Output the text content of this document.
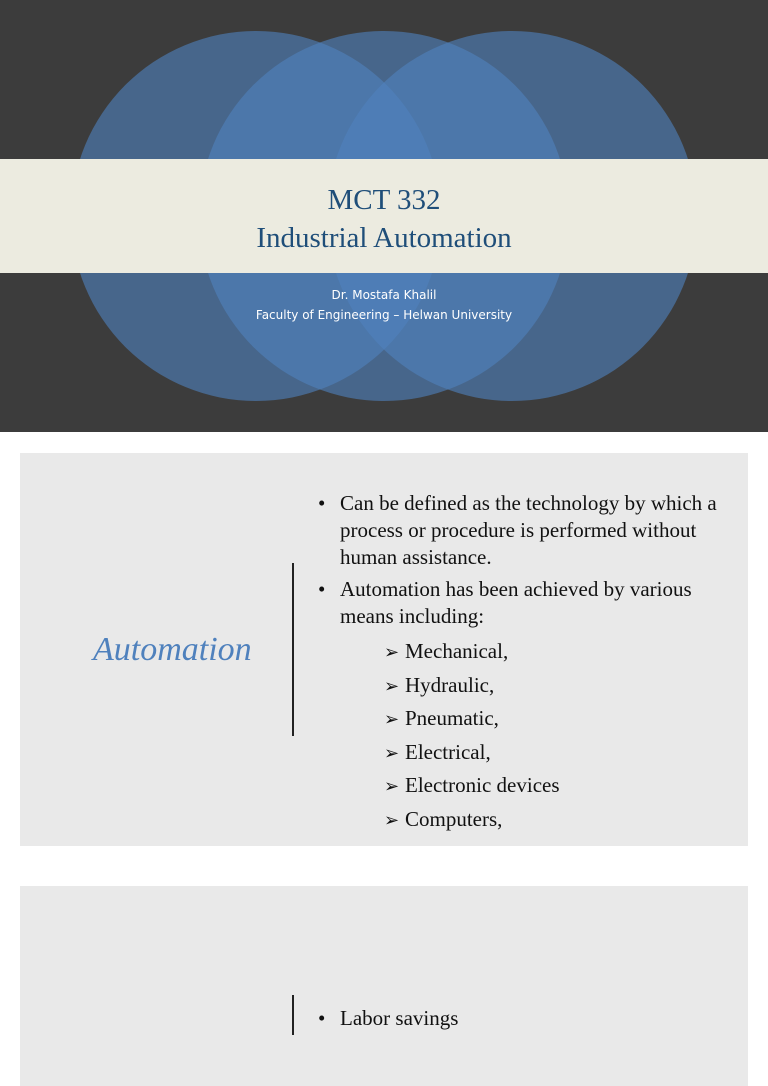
MCT 332
Industrial Automation
Dr. Mostafa Khalil
Faculty of Engineering – Helwan University
Automation
• Can be defined as the technology by which a process or procedure is performed without human assistance.
• Automation has been achieved by various means including:
➢ Mechanical,
➢ Hydraulic,
➢ Pneumatic,
➢ Electrical,
➢ Electronic devices
➢ Computers,
• Labor savings
